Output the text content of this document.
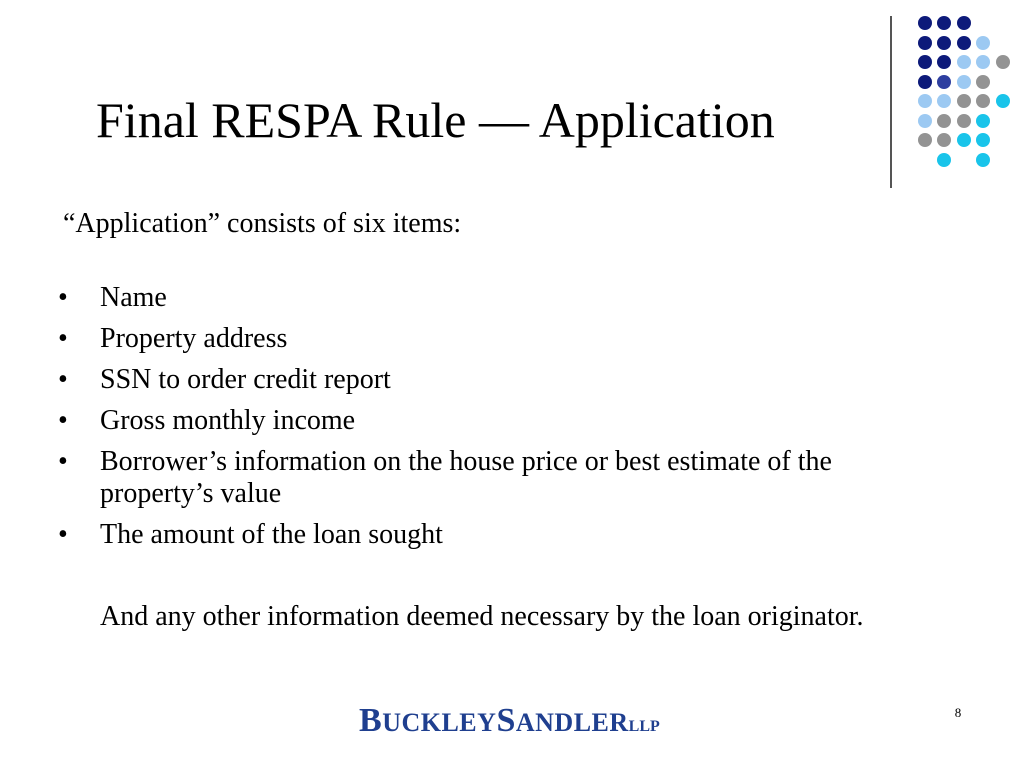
Final RESPA Rule — Application
“Application” consists of six items:
•	Name
•	Property address
•	SSN to order credit report
•	Gross monthly income
•	Borrower’s information on the house price or best estimate of the property’s value
•	The amount of the loan sought
And any other information deemed necessary by the loan originator.
BUCKLEYSANDLERLLP
8
